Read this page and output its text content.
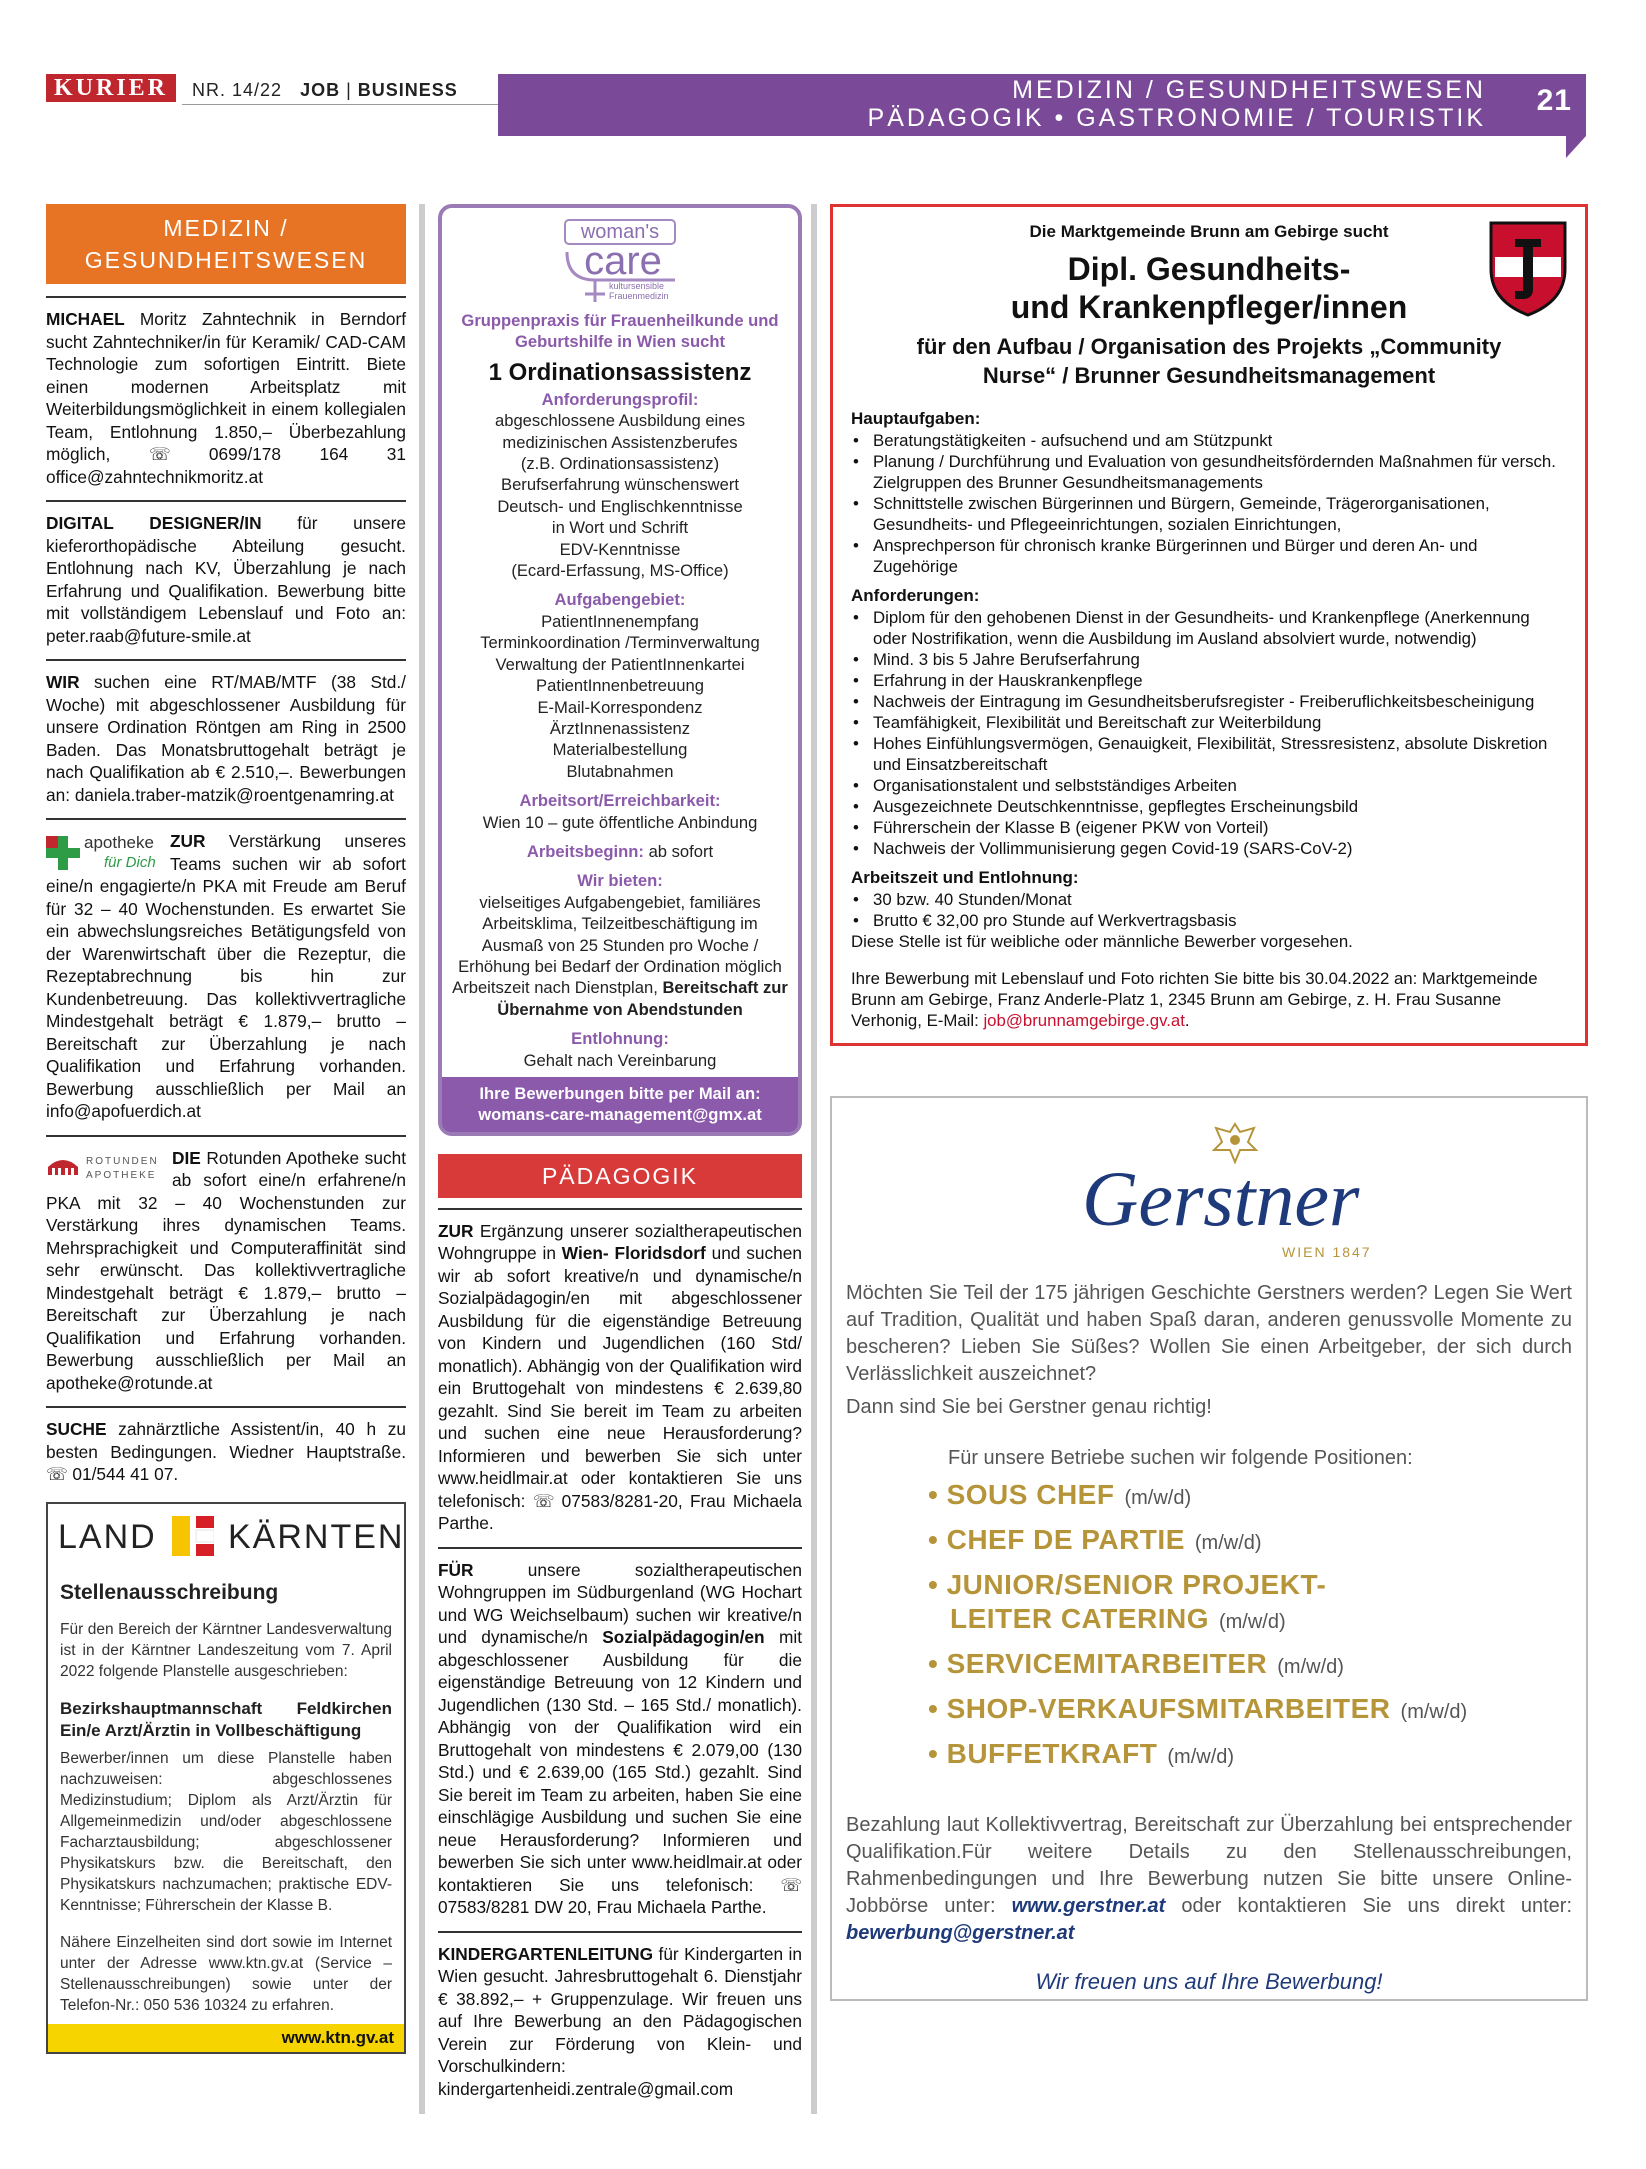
KURIER	NR. 14/22 JOB | BUSINESS	MEDIZIN / GESUNDHEITSWESEN
PÄDAGOGIK • GASTRONOMIE / TOURISTIK
21
MEDIZIN /
GESUNDHEITSWESEN

MICHAEL Moritz Zahntechnik in Berndorf sucht Zahntechniker/in für Keramik/ CAD-CAM Technologie zum sofortigen Eintritt. Biete einen modernen Arbeitsplatz mit Weiterbildungsmöglichkeit in einem kollegialen Team, Entlohnung 1.850,– Überbezahlung möglich, ☏ 0699/178 164 31 office@zahntechnikmoritz.at

DIGITAL DESIGNER/IN für unsere kieferorthopädische Abteilung gesucht. Entlohnung nach KV, Überzahlung je nach Erfahrung und Qualifikation. Bewerbung bitte mit vollständigem Lebenslauf und Foto an: peter.raab@future-smile.at

WIR suchen eine RT/MAB/MTF (38 Std./ Woche) mit abgeschlossener Ausbildung für unsere Ordination Röntgen am Ring in 2500 Baden. Das Monatsbruttogehalt beträgt je nach Qualifikation ab € 2.510,–. Bewerbungen an: daniela.traber-matzik@roentgenamring.at

apotheke
für Dich
ZUR Verstärkung unseres Teams suchen wir ab sofort eine/n engagierte/n PKA mit Freude am Beruf für 32 – 40 Wochenstunden. Es erwartet Sie ein abwechslungsreiches Betätigungsfeld von der Warenwirtschaft über die Rezeptur, die Rezeptabrechnung bis hin zur Kundenbetreuung. Das kollektivvertragliche Mindestgehalt beträgt € 1.879,– brutto – Bereitschaft zur Überzahlung je nach Qualifikation und Erfahrung vorhanden. Bewerbung ausschließlich per Mail an info@apofuerdich.at

ROTUNDEN
APOTHEKE
DIE Rotunden Apotheke sucht ab sofort eine/n erfahrene/n PKA mit 32 – 40 Wochenstunden zur Verstärkung ihres dynamischen Teams. Mehrsprachigkeit und Computeraffinität sind sehr erwünscht. Das kollektivvertragliche Mindestgehalt beträgt € 1.879,– brutto – Bereitschaft zur Überzahlung je nach Qualifikation und Erfahrung vorhanden. Bewerbung ausschließlich per Mail an apotheke@rotunde.at

SUCHE zahnärztliche Assistent/in, 40 h zu besten Bedingungen. Wiedner Hauptstraße. ☏ 01/544 41 07.

LAND KÄRNTEN
Stellenausschreibung

Für den Bereich der Kärntner Landesverwaltung ist in der Kärntner Landeszeitung vom 7. April 2022 folgende Planstelle ausgeschrieben:

Bezirkshauptmannschaft Feldkirchen Ein/e Arzt/Ärztin in Vollbeschäftigung

Bewerber/innen um diese Planstelle haben nachzuweisen: abgeschlossenes Medizinstudium; Diplom als Arzt/Ärztin für Allgemeinmedizin und/oder abgeschlossene Facharztausbildung; abgeschlossener Physikatskurs bzw. die Bereitschaft, den Physikatskurs nachzumachen; praktische EDV-Kenntnisse; Führerschein der Klasse B.

Nähere Einzelheiten sind dort sowie im Internet unter der Adresse www.ktn.gv.at (Service – Stellenausschreibungen) sowie unter der Telefon-Nr.: 050 536 10324 zu erfahren.

www.ktn.gv.at
woman's
care
kultursensible
Frauenmedizin
Gruppenpraxis für Frauenheilkunde und Geburtshilfe in Wien sucht
1 Ordinationsassistenz
Anforderungsprofil:
abgeschlossene Ausbildung eines
medizinischen Assistenzberufes
(z.B. Ordinationsassistenz)
Berufserfahrung wünschenswert
Deutsch- und Englischkenntnisse
in Wort und Schrift
EDV-Kenntnisse
(Ecard-Erfassung, MS-Office)
Aufgabengebiet:
PatientInnenempfang
Terminkoordination /Terminverwaltung
Verwaltung der PatientInnenkartei
PatientInnenbetreuung
E-Mail-Korrespondenz
ÄrztInnenassistenz
Materialbestellung
Blutabnahmen
Arbeitsort/Erreichbarkeit:
Wien 10 – gute öffentliche Anbindung
Arbeitsbeginn: ab sofort
Wir bieten:
vielseitiges Aufgabengebiet, familiäres Arbeitsklima, Teilzeitbeschäftigung im Ausmaß von 25 Stunden pro Woche / Erhöhung bei Bedarf der Ordination möglich Arbeitszeit nach Dienstplan, Bereitschaft zur Übernahme von Abendstunden
Entlohnung:
Gehalt nach Vereinbarung
Ihre Bewerbungen bitte per Mail an:
womans-care-management@gmx.at
PÄDAGOGIK

ZUR Ergänzung unserer sozialtherapeutischen Wohngruppe in Wien- Floridsdorf und suchen wir ab sofort kreative/n und dynamische/n Sozialpädagogin/en mit abgeschlossener Ausbildung für die eigenständige Betreuung von Kindern und Jugendlichen (160 Std/ monatlich). Abhängig von der Qualifikation wird ein Bruttogehalt von mindestens € 2.639,80 gezahlt. Sind Sie bereit im Team zu arbeiten und suchen eine neue Herausforderung? Informieren und bewerben Sie sich unter www.heidlmair.at oder kontaktieren Sie uns telefonisch: ☏ 07583/8281-20, Frau Michaela Parthe.

FÜR unsere sozialtherapeutischen Wohngruppen im Südburgenland (WG Hochart und WG Weichselbaum) suchen wir kreative/n und dynamische/n Sozialpädagogin/en mit abgeschlossener Ausbildung für die eigenständige Betreuung von 12 Kindern und Jugendlichen (130 Std. – 165 Std./ monatlich). Abhängig von der Qualifikation wird ein Bruttogehalt von mindestens € 2.079,00 (130 Std.) und € 2.639,00 (165 Std.) gezahlt. Sind Sie bereit im Team zu arbeiten, haben Sie eine einschlägige Ausbildung und suchen Sie eine neue Herausforderung? Informieren und bewerben Sie sich unter www.heidlmair.at oder kontaktieren Sie uns telefonisch: ☏ 07583/8281 DW 20, Frau Michaela Parthe.

KINDERGARTENLEITUNG für Kindergarten in Wien gesucht. Jahresbruttogehalt 6. Dienstjahr € 38.892,– + Gruppenzulage. Wir freuen uns auf Ihre Bewerbung an den Pädagogischen Verein zur Förderung von Klein- und Vorschulkindern: kindergartenheidi.zentrale@gmail.com

Die Marktgemeinde Brunn am Gebirge sucht
Dipl. Gesundheits-
und Krankenpfleger/innen
für den Aufbau / Organisation des Projekts „Community Nurse“ / Brunner Gesundheitsmanagement
Hauptaufgaben:
• Beratungstätigkeiten - aufsuchend und am Stützpunkt
• Planung / Durchführung und Evaluation von gesundheitsfördernden Maßnahmen für versch. Zielgruppen des Brunner Gesundheitsmanagements
• Schnittstelle zwischen Bürgerinnen und Bürgern, Gemeinde, Trägerorganisationen, Gesundheits- und Pflegeeinrichtungen, sozialen Einrichtungen,
• Ansprechperson für chronisch kranke Bürgerinnen und Bürger und deren An- und Zugehörige
Anforderungen:
• Diplom für den gehobenen Dienst in der Gesundheits- und Krankenpflege (Anerkennung oder Nostrifikation, wenn die Ausbildung im Ausland absolviert wurde, notwendig)
• Mind. 3 bis 5 Jahre Berufserfahrung
• Erfahrung in der Hauskrankenpflege
• Nachweis der Eintragung im Gesundheitsberufsregister - Freiberuflichkeitsbescheinigung
• Teamfähigkeit, Flexibilität und Bereitschaft zur Weiterbildung
• Hohes Einfühlungsvermögen, Genauigkeit, Flexibilität, Stressresistenz, absolute Diskretion und Einsatzbereitschaft
• Organisationstalent und selbstständiges Arbeiten
• Ausgezeichnete Deutschkenntnisse, gepflegtes Erscheinungsbild
• Führerschein der Klasse B (eigener PKW von Vorteil)
• Nachweis der Vollimmunisierung gegen Covid-19 (SARS-CoV-2)
Arbeitszeit und Entlohnung:
• 30 bzw. 40 Stunden/Monat
• Brutto € 32,00 pro Stunde auf Werkvertragsbasis
Diese Stelle ist für weibliche oder männliche Bewerber vorgesehen.
Ihre Bewerbung mit Lebenslauf und Foto richten Sie bitte bis 30.04.2022 an: Marktgemeinde Brunn am Gebirge, Franz Anderle-Platz 1, 2345 Brunn am Gebirge, z. H. Frau Susanne Verhonig, E-Mail: job@brunnamgebirge.gv.at.
Gerstner
WIEN 1847

Möchten Sie Teil der 175 jährigen Geschichte Gerstners werden? Legen Sie Wert auf Tradition, Qualität und haben Spaß daran, anderen genussvolle Momente zu bescheren? Lieben Sie Süßes? Wollen Sie einen Arbeitgeber, der sich durch Verlässlichkeit auszeichnet?

Dann sind Sie bei Gerstner genau richtig!

Für unsere Betriebe suchen wir folgende Positionen:
• SOUS CHEF (m/w/d)
• CHEF DE PARTIE (m/w/d)
• JUNIOR/SENIOR PROJEKT-
LEITER CATERING (m/w/d)
• SERVICEMITARBEITER (m/w/d)
• SHOP-VERKAUFSMITARBEITER (m/w/d)
• BUFFETKRAFT (m/w/d)
Bezahlung laut Kollektivvertrag, Bereitschaft zur Überzahlung bei entsprechender Qualifikation.Für weitere Details zu den Stellenausschreibungen, Rahmenbedingungen und Ihre Bewerbung nutzen Sie bitte unsere Online-Jobbörse unter: www.gerstner.at oder kontaktieren Sie uns direkt unter: bewerbung@gerstner.at
Wir freuen uns auf Ihre Bewerbung!
